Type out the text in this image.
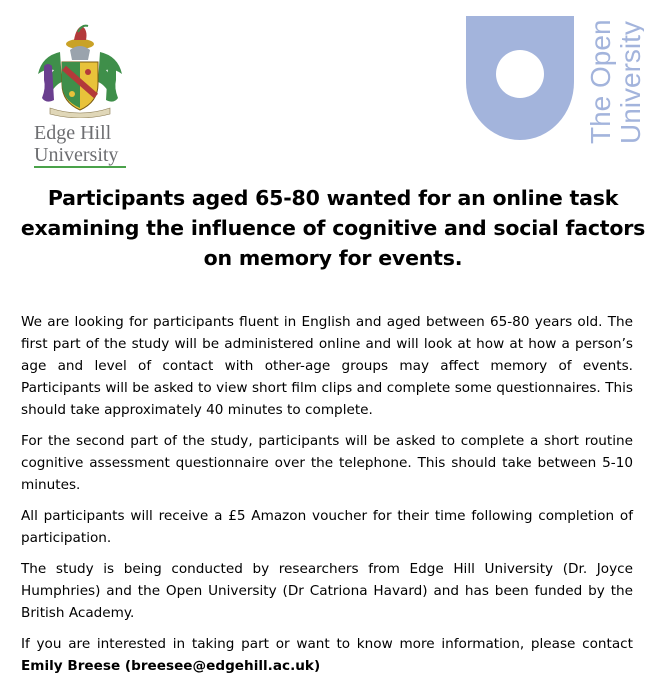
Edge Hill
University
The Open University
Participants aged 65-80 wanted for an online task examining the influence of cognitive and social factors on memory for events.

We are looking for participants fluent in English and aged between 65-80 years old. The first part of the study will be administered online and will look at how at how a person’s age and level of contact with other-age groups may affect memory of events. Participants will be asked to view short film clips and complete some questionnaires. This should take approximately 40 minutes to complete.

For the second part of the study, participants will be asked to complete a short routine cognitive assessment questionnaire over the telephone. This should take between 5-10 minutes.

All participants will receive a £5 Amazon voucher for their time following completion of participation.

The study is being conducted by researchers from Edge Hill University (Dr. Joyce Humphries) and the Open University (Dr Catriona Havard) and has been funded by the British Academy.

If you are interested in taking part or want to know more information, please contact Emily Breese (breesee@edgehill.ac.uk)
